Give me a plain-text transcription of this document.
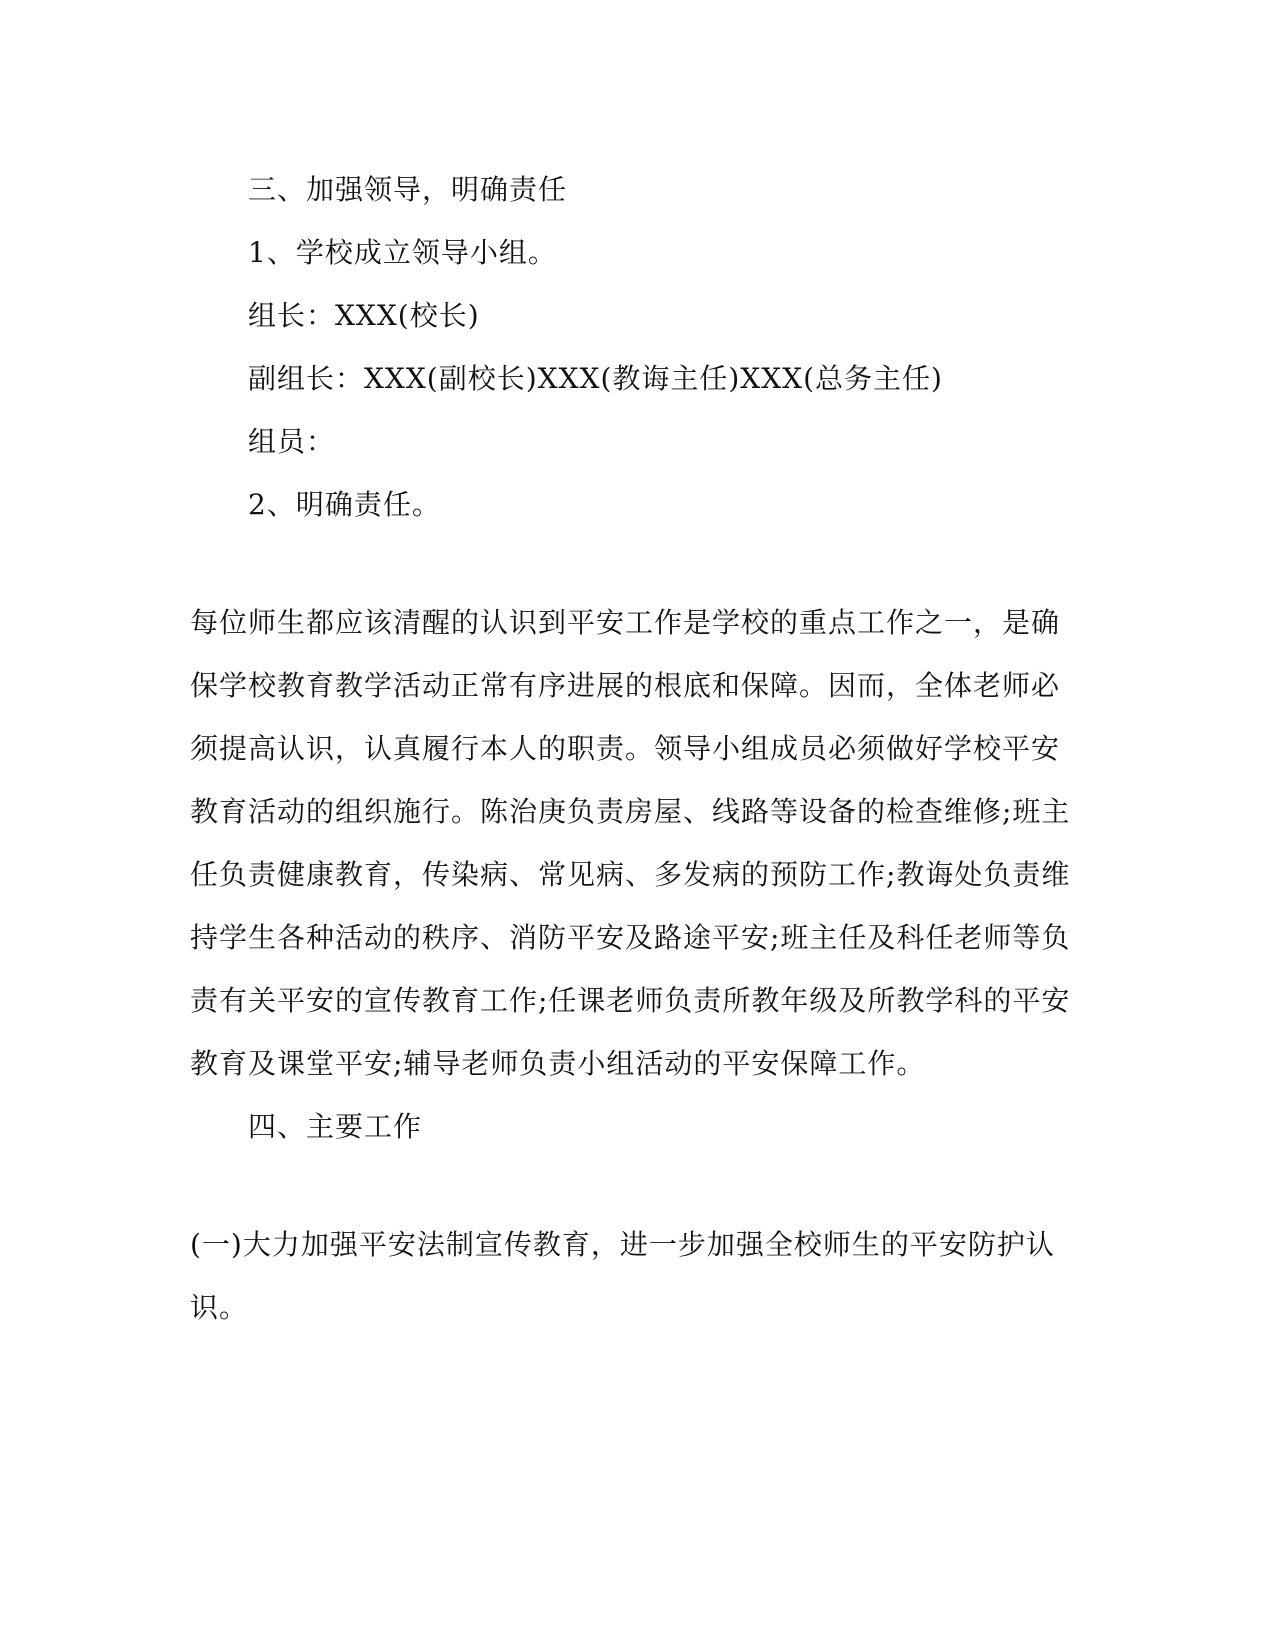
三、加强领导，明确责任
1、学校成立领导小组。
组长：XXX(校长)
副组长：XXX(副校长)XXX(教诲主任)XXX(总务主任)
组员：
2、明确责任。
每位师生都应该清醒的认识到平安工作是学校的重点工作之一，是确
保学校教育教学活动正常有序进展的根底和保障。因而，全体老师必
须提高认识，认真履行本人的职责。领导小组成员必须做好学校平安
教育活动的组织施行。陈治庚负责房屋、线路等设备的检查维修;班主
任负责健康教育，传染病、常见病、多发病的预防工作;教诲处负责维
持学生各种活动的秩序、消防平安及路途平安;班主任及科任老师等负
责有关平安的宣传教育工作;任课老师负责所教年级及所教学科的平安
教育及课堂平安;辅导老师负责小组活动的平安保障工作。
四、主要工作
(一)大力加强平安法制宣传教育，进一步加强全校师生的平安防护认
识。
